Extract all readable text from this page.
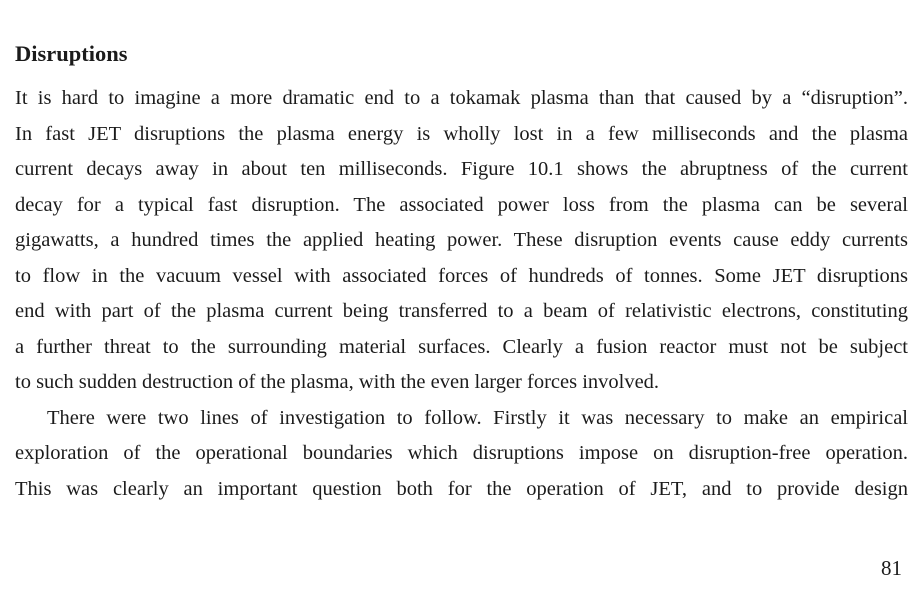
Disruptions
It is hard to imagine a more dramatic end to a tokamak plasma than that caused by a “disruption”.
In fast JET disruptions the plasma energy is wholly lost in a few milliseconds and the plasma
current decays away in about ten milliseconds. Figure 10.1 shows the abruptness of the current
decay for a typical fast disruption. The associated power loss from the plasma can be several
gigawatts, a hundred times the applied heating power. These disruption events cause eddy currents
to flow in the vacuum vessel with associated forces of hundreds of tonnes. Some JET disruptions
end with part of the plasma current being transferred to a beam of relativistic electrons, constituting
a further threat to the surrounding material surfaces. Clearly a fusion reactor must not be subject
to such sudden destruction of the plasma, with the even larger forces involved.
There were two lines of investigation to follow. Firstly it was necessary to make an empirical
exploration of the operational boundaries which disruptions impose on disruption-free operation.
This was clearly an important question both for the operation of JET, and to provide design
81
